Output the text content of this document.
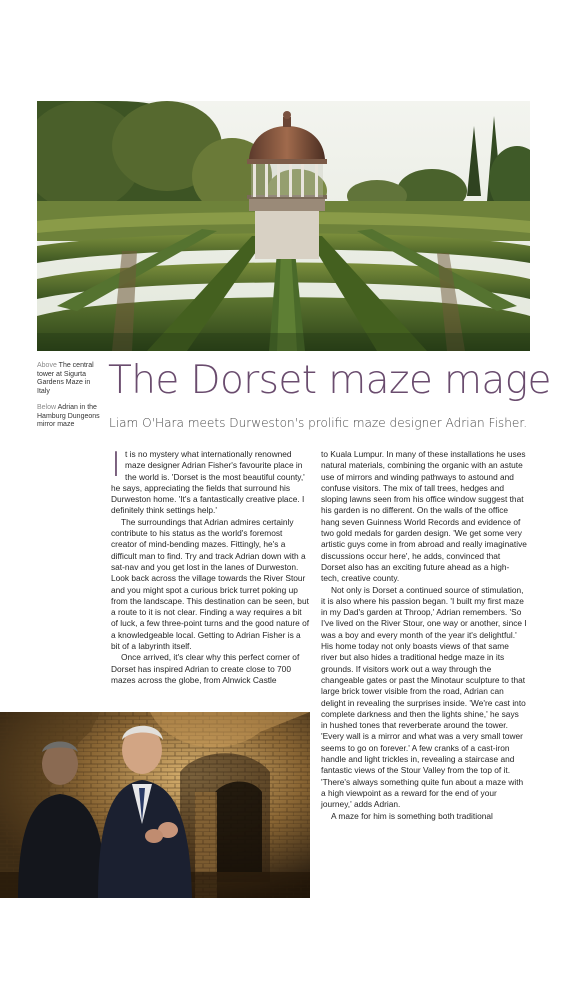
Above The central tower at Sigurta Gardens Maze in Italy
Below Adrian in the Hamburg Dungeons mirror maze
The Dorset maze mage
Liam O'Hara meets Durweston's prolific maze designer Adrian Fisher.

It is no mystery what internationally renowned maze designer Adrian Fisher's favourite place in the world is. 'Dorset is the most beautiful county,' he says, appreciating the fields that surround his Durweston home. 'It's a fantastically creative place. I definitely think settings help.'

The surroundings that Adrian admires certainly contribute to his status as the world's foremost creator of mind-bending mazes. Fittingly, he's a difficult man to find. Try and track Adrian down with a sat-nav and you get lost in the lanes of Durweston. Look back across the village towards the River Stour and you might spot a curious brick turret poking up from the landscape. This destination can be seen, but a route to it is not clear. Finding a way requires a bit of luck, a few three-point turns and the good nature of a knowledgeable local. Getting to Adrian Fisher is a bit of a labyrinth itself.

Once arrived, it's clear why this perfect corner of Dorset has inspired Adrian to create close to 700 mazes across the globe, from Alnwick Castle

to Kuala Lumpur. In many of these installations he uses natural materials, combining the organic with an astute use of mirrors and winding pathways to astound and confuse visitors. The mix of tall trees, hedges and sloping lawns seen from his office window suggest that his garden is no different. On the walls of the office hang seven Guinness World Records and evidence of two gold medals for garden design. 'We get some very artistic guys come in from abroad and really imaginative discussions occur here', he adds, convinced that Dorset also has an exciting future ahead as a high-tech, creative county.

Not only is Dorset a continued source of stimulation, it is also where his passion began. 'I built my first maze in my Dad's garden at Throop,' Adrian remembers. 'So I've lived on the River Stour, one way or another, since I was a boy and every month of the year it's delightful.' His home today not only boasts views of that same river but also hides a traditional hedge maze in its grounds. If visitors work out a way through the changeable gates or past the Minotaur sculpture to that large brick tower visible from the road, Adrian can delight in revealing the surprises inside. 'We're cast into complete darkness and then the lights shine,' he says in hushed tones that reverberate around the tower. 'Every wall is a mirror and what was a very small tower seems to go on forever.' A few cranks of a cast-iron handle and light trickles in, revealing a staircase and fantastic views of the Stour Valley from the top of it. 'There's always something quite fun about a maze with a high viewpoint as a reward for the end of your journey,' adds Adrian.

A maze for him is something both traditional
